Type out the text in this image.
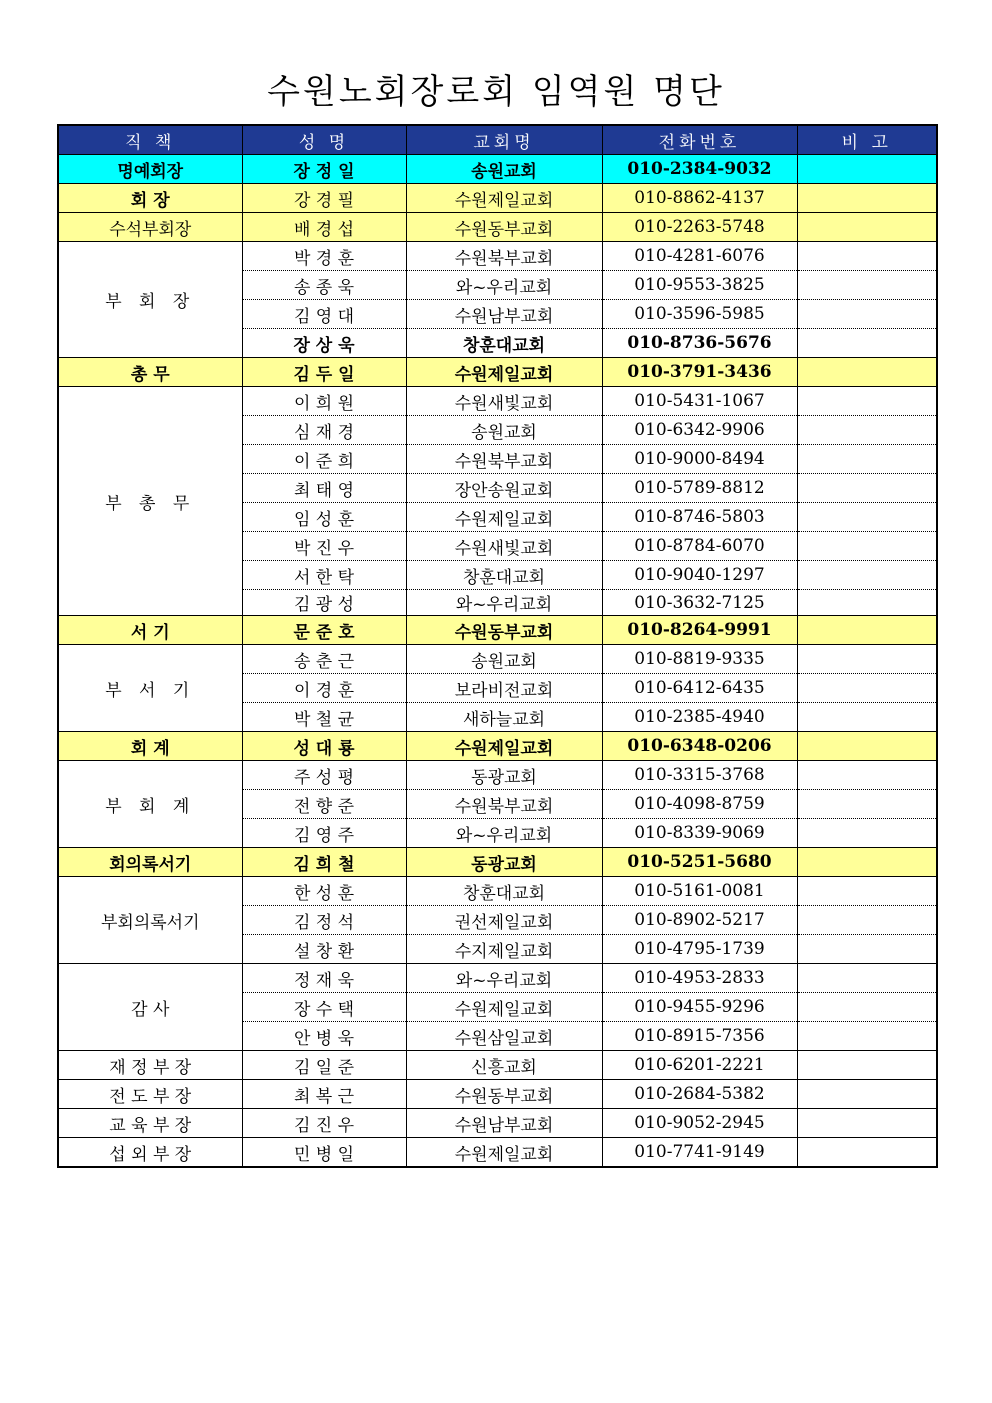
수원노회장로회 임역원 명단
직 책	성 명	교회명	전화번호	비 고
명예회장	장 정 일	송원교회	010-2384-9032	
회 장	강 경 필	수원제일교회	010-8862-4137	
수석부회장	배 경 섭	수원동부교회	010-2263-5748	
부 회 장	박 경 훈	수원북부교회	010-4281-6076	
	송 종 욱	와~우리교회	010-9553-3825	
	김 영 대	수원남부교회	010-3596-5985	
	장 상 욱	창훈대교회	010-8736-5676	
총 무	김 두 일	수원제일교회	010-3791-3436	
부 총 무	이 희 원	수원새빛교회	010-5431-1067	
	심 재 경	송원교회	010-6342-9906	
	이 준 희	수원북부교회	010-9000-8494	
	최 태 영	장안송원교회	010-5789-8812	
	임 성 훈	수원제일교회	010-8746-5803	
	박 진 우	수원새빛교회	010-8784-6070	
	서 한 탁	창훈대교회	010-9040-1297	
	김 광 성	와~우리교회	010-3632-7125	
서 기	문 준 호	수원동부교회	010-8264-9991	
부 서 기	송 춘 근	송원교회	010-8819-9335	
	이 경 훈	보라비전교회	010-6412-6435	
	박 철 균	새하늘교회	010-2385-4940	
회 계	성 대 룡	수원제일교회	010-6348-0206	
부 회 계	주 성 평	동광교회	010-3315-3768	
	전 향 준	수원북부교회	010-4098-8759	
	김 영 주	와~우리교회	010-8339-9069	
회의록서기	김 희 철	동광교회	010-5251-5680	
부회의록서기	한 성 훈	창훈대교회	010-5161-0081	
	김 정 석	권선제일교회	010-8902-5217	
	설 창 환	수지제일교회	010-4795-1739	
감 사	정 재 욱	와~우리교회	010-4953-2833	
	장 수 택	수원제일교회	010-9455-9296	
	안 병 욱	수원삼일교회	010-8915-7356	
재 정 부 장	김 일 준	신흥교회	010-6201-2221	
전 도 부 장	최 복 근	수원동부교회	010-2684-5382	
교 육 부 장	김 진 우	수원남부교회	010-9052-2945	
섭 외 부 장	민 병 일	수원제일교회	010-7741-9149	
